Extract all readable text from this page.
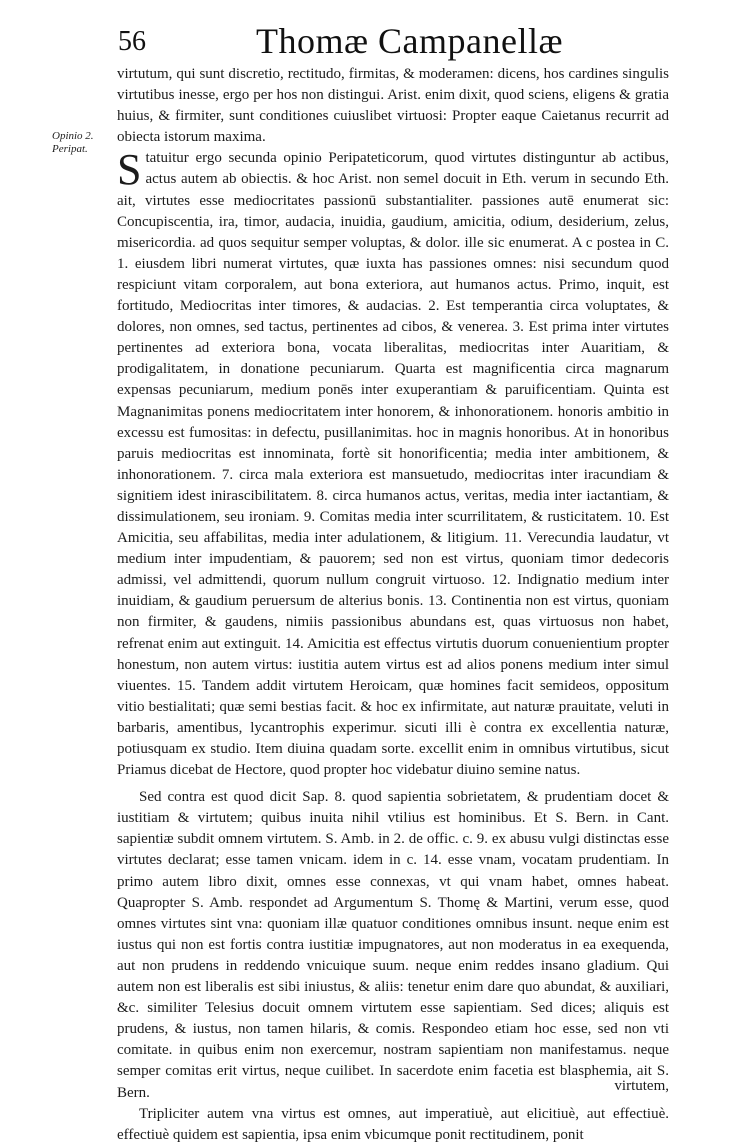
56	Thomæ Campanellæ
Opinio 2. Peripat.

virtutum, qui sunt discretio, rectitudo, firmitas, & moderamen: dicens, hos cardines singulis virtutibus inesse, ergo per hos non distingui. Arist. enim dixit, quod sciens, eligens & gratia huius, & firmiter, sunt conditiones cuiuslibet virtuosi: Propter eaque Caietanus recurrit ad obiecta istorum maxima.

Statuitur ergo secunda opinio Peripateticorum, quod virtutes distinguntur ab actibus, actus autem ab obiectis. & hoc Arist. non semel docuit in Eth. verum in secundo Eth. ait, virtutes esse mediocritates passionū substantialiter. passiones autē enumerat sic: Concupiscentia, ira, timor, audacia, inuidia, gaudium, amicitia, odium, desiderium, zelus, misericordia. ad quos sequitur semper voluptas, & dolor. ille sic enumerat. A c postea in C. 1. eiusdem libri numerat virtutes, quæ iuxta has passiones omnes: nisi secundum quod respiciunt vitam corporalem, aut bona exteriora, aut humanos actus. Primo, inquit, est fortitudo, Mediocritas inter timores, & audacias. 2. Est temperantia circa voluptates, & dolores, non omnes, sed tactus, pertinentes ad cibos, & venerea. 3. Est prima inter virtutes pertinentes ad exteriora bona, vocata liberalitas, mediocritas inter Auaritiam, & prodigalitatem, in donatione pecuniarum. Quarta est magnificentia circa magnarum expensas pecuniarum, medium ponēs inter exuperantiam & paruificentiam. Quinta est Magnanimitas ponens mediocritatem inter honorem, & inhonorationem. honoris ambitio in excessu est fumositas: in defectu, pusillanimitas. hoc in magnis honoribus. At in honoribus paruis mediocritas est innominata, fortè sit honorificentia; media inter ambitionem, & inhonorationem. 7. circa mala exteriora est mansuetudo, mediocritas inter iracundiam & signitiem idest inirascibilitatem. 8. circa humanos actus, veritas, media inter iactantiam, & dissimulationem, seu ironiam. 9. Comitas media inter scurrilitatem, & rusticitatem. 10. Est Amicitia, seu affabilitas, media inter adulationem, & litigium. 11. Verecundia laudatur, vt medium inter impudentiam, & pauorem; sed non est virtus, quoniam timor dedecoris admissi, vel admittendi, quorum nullum congruit virtuoso. 12. Indignatio medium inter inuidiam, & gaudium peruersum de alterius bonis. 13. Continentia non est virtus, quoniam non firmiter, & gaudens, nimiis passionibus abundans est, quas virtuosus non habet, refrenat enim aut extinguit. 14. Amicitia est effectus virtutis duorum conuenientium propter honestum, non autem virtus: iustitia autem virtus est ad alios ponens medium inter simul viuentes. 15. Tandem addit virtutem Heroicam, quæ homines facit semideos, oppositum vitio bestialitati; quæ semi bestias facit. & hoc ex infirmitate, aut naturæ prauitate, veluti in barbaris, amentibus, lycantrophis experimur. sicuti illi è contra ex excellentia naturæ, potiusquam ex studio. Item diuina quadam sorte. excellit enim in omnibus virtutibus, sicut Priamus dicebat de Hectore, quod propter hoc videbatur diuino semine natus.

Sed contra est quod dicit Sap. 8. quod sapientia sobrietatem, & prudentiam docet & iustitiam & virtutem; quibus inuita nihil vtilius est hominibus. Et S. Bern. in Cant. sapientiæ subdit omnem virtutem. S. Amb. in 2. de offic. c. 9. ex abusu vulgi distinctas esse virtutes declarat; esse tamen vnicam. idem in c. 14. esse vnam, vocatam prudentiam. In primo autem libro dixit, omnes esse connexas, vt qui vnam habet, omnes habeat. Quapropter S. Amb. respondet ad Argumentum S. Thomę & Martini, verum esse, quod omnes virtutes sint vna: quoniam illæ quatuor conditiones omnibus insunt. neque enim est iustus qui non est fortis contra iustitiæ impugnatores, aut non moderatus in ea exequenda, aut non prudens in reddendo vnicuique suum. neque enim reddes insano gladium. Qui autem non est liberalis est sibi iniustus, & aliis: tenetur enim dare quo abundat, & auxiliari, &c. similiter Telesius docuit omnem virtutem esse sapientiam. Sed dices; aliquis est prudens, & iustus, non tamen hilaris, & comis. Respondeo etiam hoc esse, sed non vti comitate. in quibus enim non exercemur, nostram sapientiam non manifestamus. neque semper comitas erit virtus, neque cuilibet. In sacerdote enim facetia est blasphemia, ait S. Bern.

Tripliciter autem vna virtus est omnes, aut imperatiuè, aut elicitiuè, aut effectiuè. effectiuè quidem est sapientia, ipsa enim vbicumque ponit rectitudinem, ponit

virtutem,
